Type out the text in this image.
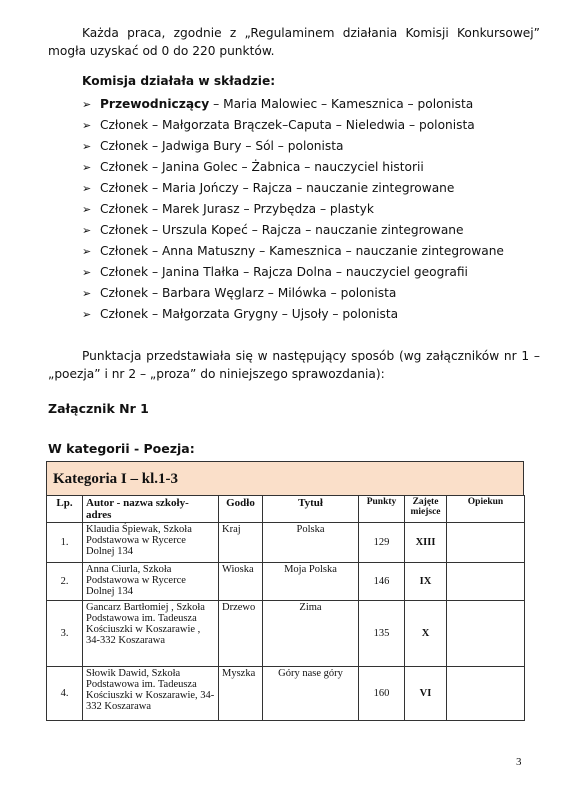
Każda praca, zgodnie z „Regulaminem działania Komisji Konkursowej” mogła uzyskać od 0 do 220 punktów.
Komisja działała w składzie:
➢ Przewodniczący – Maria Malowiec – Kamesznica – polonista
➢ Członek – Małgorzata Brączek–Caputa – Nieledwia – polonista
➢ Członek – Jadwiga Bury – Sól – polonista
➢ Członek – Janina Golec – Żabnica – nauczyciel historii
➢ Członek – Maria Jończy – Rajcza – nauczanie zintegrowane
➢ Członek – Marek Jurasz – Przybędza – plastyk
➢ Członek – Urszula Kopeć – Rajcza – nauczanie zintegrowane
➢ Członek – Anna Matuszny – Kamesznica – nauczanie zintegrowane
➢ Członek – Janina Tlałka – Rajcza Dolna – nauczyciel geografii
➢ Członek – Barbara Węglarz – Milówka – polonista
➢ Członek – Małgorzata Grygny – Ujsoły – polonista
Punktacja przedstawiała się w następujący sposób (wg załączników nr 1 – „poezja” i nr 2 – „proza” do niniejszego sprawozdania):
Załącznik Nr 1
W kategorii - Poezja:
Kategoria I – kl.1-3
Lp.	Autor - nazwa szkoły- adres	Godło	Tytuł	Punkty	Zajęte miejsce	Opiekun
1.	Klaudia Śpiewak, Szkoła Podstawowa w Rycerce Dolnej 134	Kraj	Polska	129	XIII	
2.	Anna Ciurla, Szkoła Podstawowa w Rycerce Dolnej 134	Wioska	Moja Polska	146	IX	
3.	Gancarz Bartłomiej , Szkoła Podstawowa im. Tadeusza Kościuszki w Koszarawie , 34-332 Koszarawa	Drzewo	Zima	135	X	
4.	Słowik Dawid, Szkoła Podstawowa im. Tadeusza Kościuszki w Koszarawie, 34-332 Koszarawa	Myszka	Góry nase góry	160	VI	
3
